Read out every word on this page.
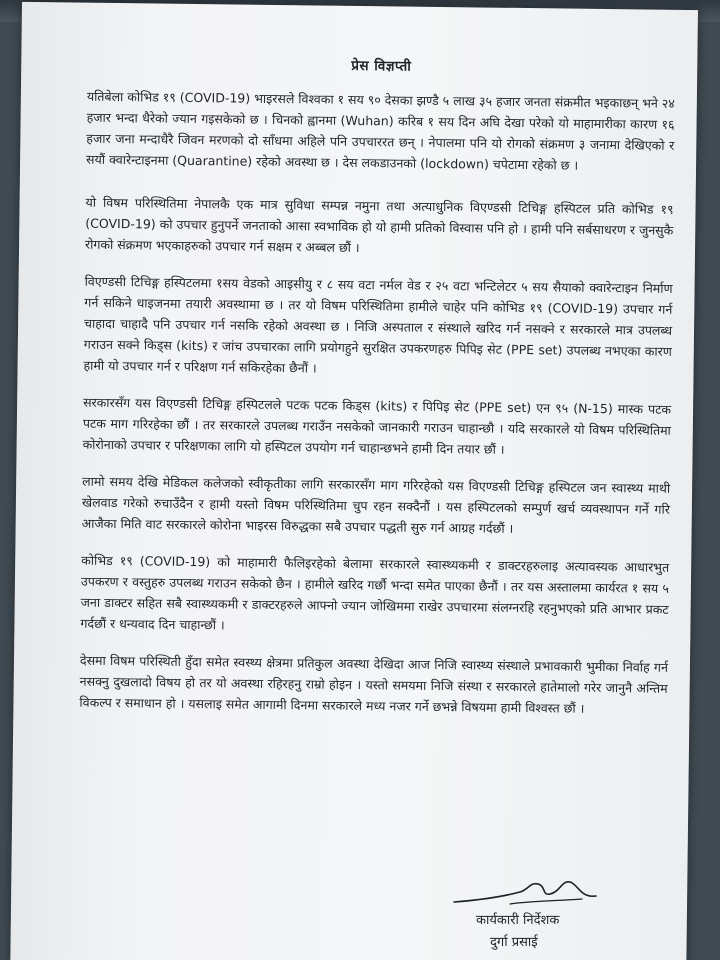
प्रेस विज्ञप्ती

यतिबेला कोभिड १९ (COVID-19) भाइरसले विश्वका १ सय ९० देसका झण्डै ५ लाख ३५ हजार जनता संक्रमीत भइकाछन् भने २४ हजार भन्दा धैरेको ज्यान गइसकेको छ । चिनको ह्वानमा (Wuhan) करिब १ सय दिन अघि देखा परेको यो माहामारीका कारण १६ हजार जना मन्दाधैरै जिवन मरणको दो साँधमा अहिले पनि उपचाररत छन् । नेपालमा पनि यो रोगको संक्रमण ३ जनामा देखिएको र सयौं क्वारेन्टाइनमा (Quarantine) रहेको अवस्था छ । देस लकडाउनको (lockdown) चपेटामा रहेको छ ।

यो विषम परिस्थितिमा नेपालकै एक मात्र सुविधा सम्पन्न नमुना तथा अत्याधुनिक विएण्डसी टिचिङ्ग हस्पिटल प्रति कोभिड १९ (COVID-19) को उपचार हुनुपर्ने जनताको आसा स्वभाविक हो यो हामी प्रतिको विस्वास पनि हो । हामी पनि सर्बसाधरण र जुनसुकै रोगको संक्रमण भएकाहरुको उपचार गर्न सक्षम र अब्बल छौं ।

विएण्डसी टिचिङ्ग हस्पिटलमा १सय वेडको आइसीयु र ८ सय वटा नर्मल वेड र २५ वटा भन्टिलेटर ५ सय सैयाको क्वारेन्टाइन निर्माण गर्न सकिने धाइजनमा तयारी अवस्थामा छ । तर यो विषम परिस्थितिमा हामीले चाहेर पनि कोभिड १९ (COVID-19) उपचार गर्न चाहादा चाहादै पनि उपचार गर्न नसकि रहेको अवस्था छ । निजि अस्पताल र संस्थाले खरिद गर्न नसक्ने र सरकारले मात्र उपलब्ध गराउन सक्ने किड्स (kits) र जांच उपचारका लागि प्रयोगहुने सुरक्षित उपकरणहरु पिपिइ सेट (PPE set) उपलब्ध नभएका कारण हामी यो उपचार गर्न र परिक्षण गर्न सकिरहेका छैनौं ।

सरकारसँग यस विएण्डसी टिचिङ्ग हस्पिटलले पटक पटक किड्स (kits) र पिपिइ सेट (PPE set) एन ९५ (N-15) मास्क पटक पटक माग गरिरहेका छौं । तर सरकारले उपलब्ध गराउँन नसकेको जानकारी गराउन चाहान्छौ । यदि सरकारले यो विषम परिस्थितिमा कोरोनाको उपचार र परिक्षणका लागि यो हस्पिटल उपयोग गर्न चाहान्छभने हामी दिन तयार छौं ।

लामो समय देखि मेडिकल कलेजको स्वीकृतीका लागि सरकारसँग माग गरिरहेको यस विएण्डसी टिचिङ्ग हस्पिटल जन स्वास्थ्य माथी खेलवाड गरेको रुचाउँदैन र हामी यस्तो विषम परिस्थितिमा चुप रहन सक्दैनौं । यस हस्पिटलको सम्पुर्ण खर्च व्यवस्थापन गर्ने गरि आजैका मिति वाट सरकारले कोरोना भाइरस विरुद्धका सबै उपचार पद्धती सुरु गर्न आग्रह गर्दछौं ।

कोभिड १९ (COVID-19) को माहामारी फैलिइरहेको बेलामा सरकारले स्वास्थ्यकमी र डाक्टरहरुलाइ अत्यावस्यक आधारभुत उपकरण र वस्तुहरु उपलब्ध गराउन सकेको छैन । हामीले खरिद गर्छौ भन्दा समेत पाएका छैनौं । तर यस अस्तालमा कार्यरत १ सय ५ जना डाक्टर सहित सबै स्वास्थ्यकमी र डाक्टरहरुले आफ्नो ज्यान जोखिममा राखेर उपचारमा संलग्नरहि रहनुभएको प्रति आभार प्रकट गर्दछौं र धन्यवाद दिन चाहान्छौं ।

देसमा विषम परिस्थिती हुँदा समेत स्वस्थ्य क्षेत्रमा प्रतिकुल अवस्था देखिदा आज निजि स्वास्थ्य संस्थाले प्रभावकारी भुमीका निर्वाह गर्न नसक्नु दुखलादो विषय हो तर यो अवस्था रहिरहनु राम्रो होइन । यस्तो समयमा निजि संस्था र सरकारले हातेमालो गरेर जानुनै अन्तिम विकल्प र समाधान हो । यसलाइ समेत आगामी दिनमा सरकारले मध्य नजर गर्ने छभन्ने विषयमा हामी विश्वस्त छौं ।

कार्यकारी निर्देशक
दुर्गा प्रसाई
